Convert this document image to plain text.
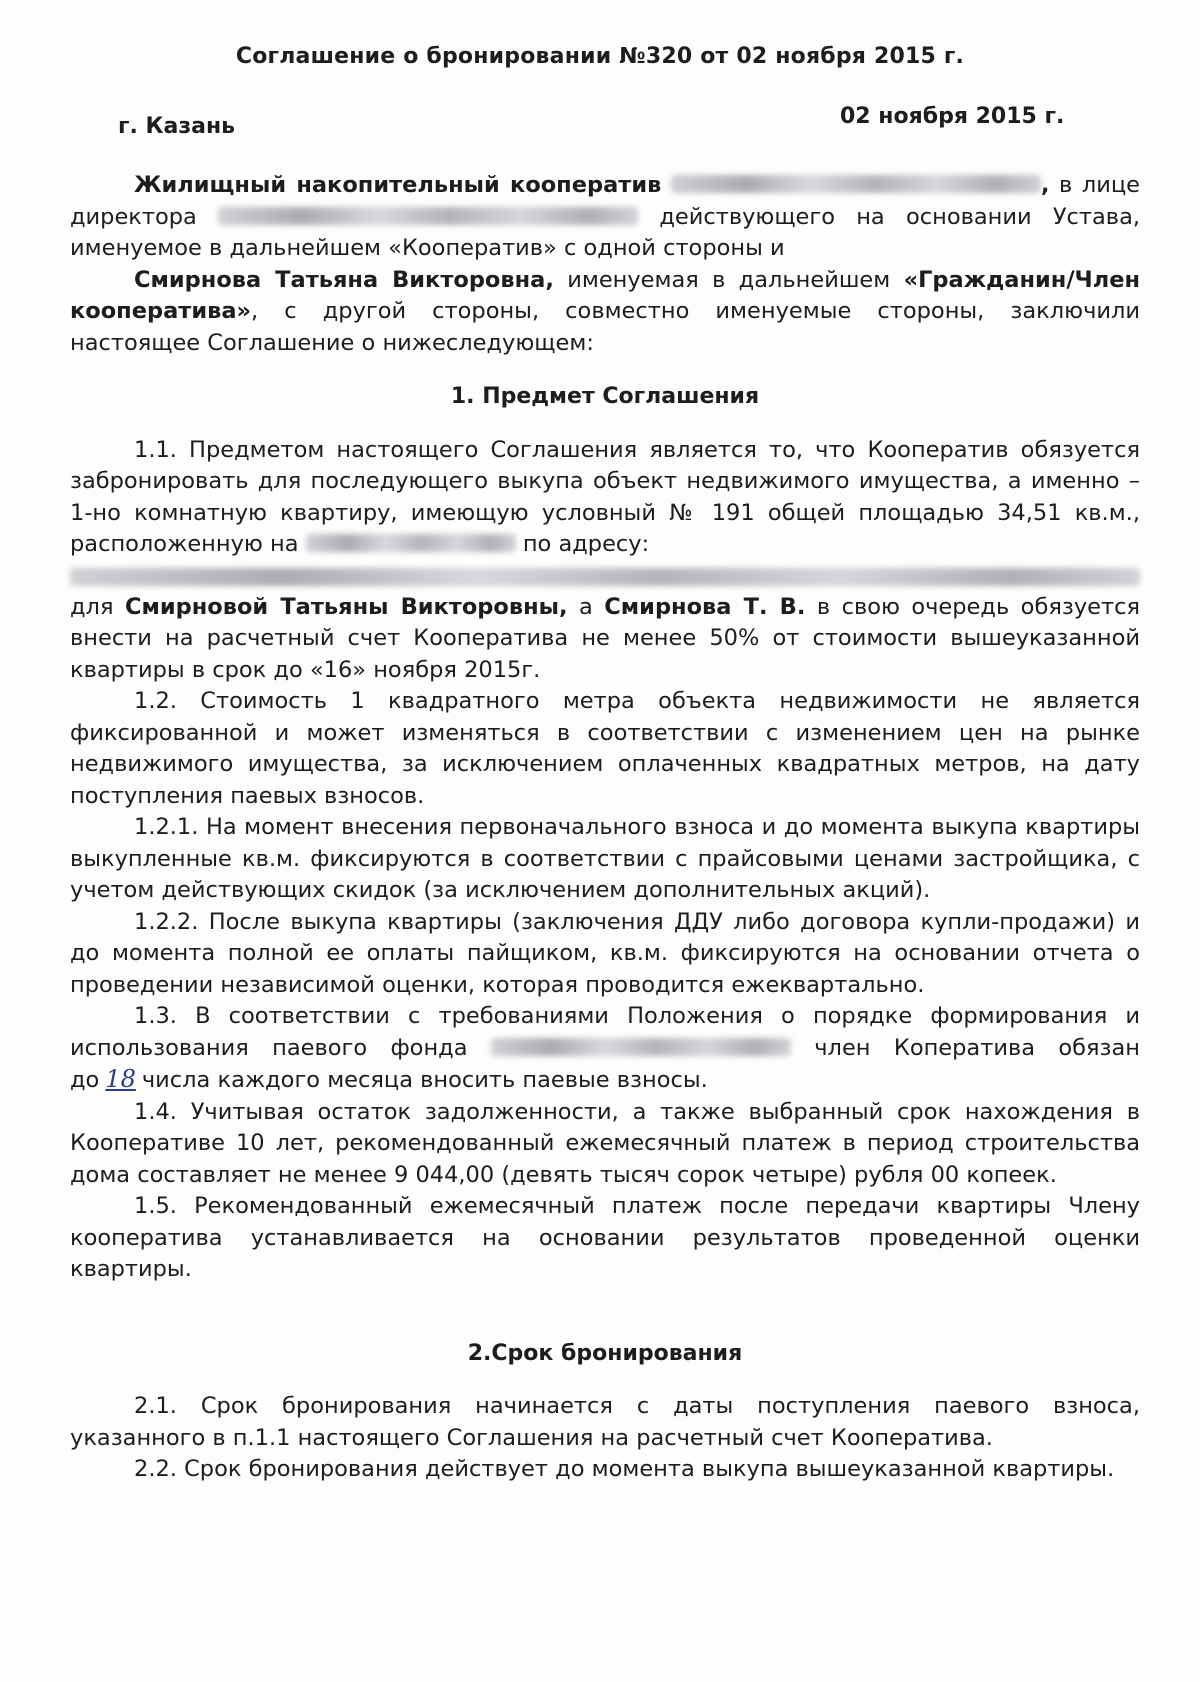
Соглашение о бронировании №320 от 02 ноября 2015 г.
г. Казань	02 ноября 2015 г.

Жилищный накопительный кооператив	, в лице директора	действующего на основании Устава, именуемое в дальнейшем «Кооператив» с одной стороны и

Смирнова Татьяна Викторовна, именуемая в дальнейшем «Гражданин/Член кооператива», с другой стороны, совместно именуемые стороны, заключили настоящее Соглашение о нижеследующем:

1. Предмет Соглашения

1.1. Предметом настоящего Соглашения является то, что Кооператив обязуется забронировать для последующего выкупа объект недвижимого имущества, а именно – 1-но комнатную квартиру, имеющую условный № 191 общей площадью 34,51 кв.м., расположенную на	по адресу:
для Смирновой Татьяны Викторовны, а Смирнова Т. В. в свою очередь обязуется внести на расчетный счет Кооператива не менее 50% от стоимости вышеуказанной квартиры в срок до «16» ноября 2015г.

1.2. Стоимость 1 квадратного метра объекта недвижимости не является фиксированной и может изменяться в соответствии с изменением цен на рынке недвижимого имущества, за исключением оплаченных квадратных метров, на дату поступления паевых взносов.

1.2.1. На момент внесения первоначального взноса и до момента выкупа квартиры выкупленные кв.м. фиксируются в соответствии с прайсовыми ценами застройщика, с учетом действующих скидок (за исключением дополнительных акций).

1.2.2. После выкупа квартиры (заключения ДДУ либо договора купли-продажи) и до момента полной ее оплаты пайщиком, кв.м. фиксируются на основании отчета о проведении независимой оценки, которая проводится ежеквартально.

1.3. В соответствии с требованиями Положения о порядке формирования и использования паевого фонда	член Копeратива обязан до 18 числа каждого месяца вносить паевые взносы.

1.4. Учитывая остаток задолженности, а также выбранный срок нахождения в Кооперативе 10 лет, рекомендованный ежемесячный платеж в период строительства дома составляет не менее 9 044,00 (девять тысяч сорок четыре) рубля 00 копеек.

1.5. Рекомендованный ежемесячный платеж после передачи квартиры Члену кооператива устанавливается на основании результатов проведенной оценки квартиры.

2.Срок бронирования

2.1. Срок бронирования начинается с даты поступления паевого взноса, указанного в п.1.1 настоящего Соглашения на расчетный счет Кооператива.

2.2. Срок бронирования действует до момента выкупа вышеуказанной квартиры.
